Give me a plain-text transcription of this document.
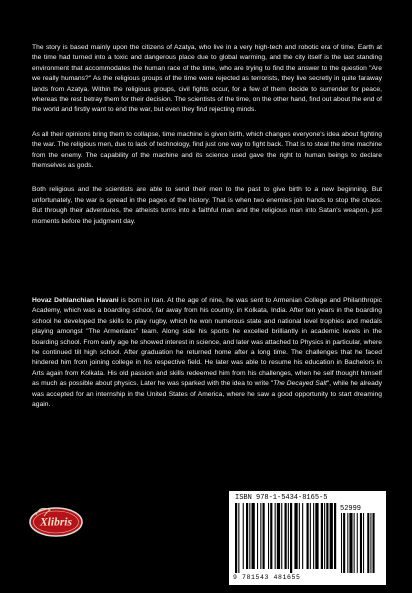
The story is based mainly upon the citizens of Azatya, who live in a very high-tech and robotic era of time. Earth at the time had turned into a toxic and dangerous place due to global warming, and the city itself is the last standing environment that accommodates the human race of the time, who are trying to find the answer to the question "Are we really humans?" As the religious groups of the time were rejected as terrorists, they live secretly in quite faraway lands from Azatya. Within the religious groups, civil fights occur, for a few of them decide to surrender for peace, whereas the rest betray them for their decision. The scientists of the time, on the other hand, find out about the end of the world and firstly want to end the war, but even they find rejecting minds.

As all their opinions bring them to collapse, time machine is given birth, which changes everyone's idea about fighting the war. The religious men, due to lack of technology, find just one way to fight back. That is to steal the time machine from the enemy. The capability of the machine and its science used gave the right to human beings to declare themselves as gods.

Both religious and the scientists are able to send their men to the past to give birth to a new beginning. But unfortunately, the war is spread in the pages of the history. That is when two enemies join hands to stop the chaos. But through their adventures, the atheists turns into a faithful man and the religious man into Satan's weapon, just moments before the judgment day.

Hovaz Dehlanchian Havani is born in Iran. At the age of nine, he was sent to Armenian College and Philanthropic Academy, which was a boarding school, far away from his country, in Kolkata, India. After ten years in the boarding school he developed the skills to play rugby, which he won numerous state and national level trophies and medals playing amongst "The Armenians" team. Along side his sports he excelled brilliantly in academic levels in the boarding school. From early age he showed interest in science, and later was attached to Physics in particular, where he continued till high school. After graduation he returned home after a long time. The challenges that he faced hindered him from joining college in his respective field. He later was able to resume his education in Bachelors in Arts again from Kolkata. His old passion and skills redeemed him from his challenges, when he self thought himself as much as possible about physics. Later he was sparked with the idea to write "The Decayed Salt", while he already was accepted for an internship in the United States of America, where he saw a good opportunity to start dreaming again.

Xlibris
ISBN 978-1-5434-8165-5
52999
9 781543 481655
